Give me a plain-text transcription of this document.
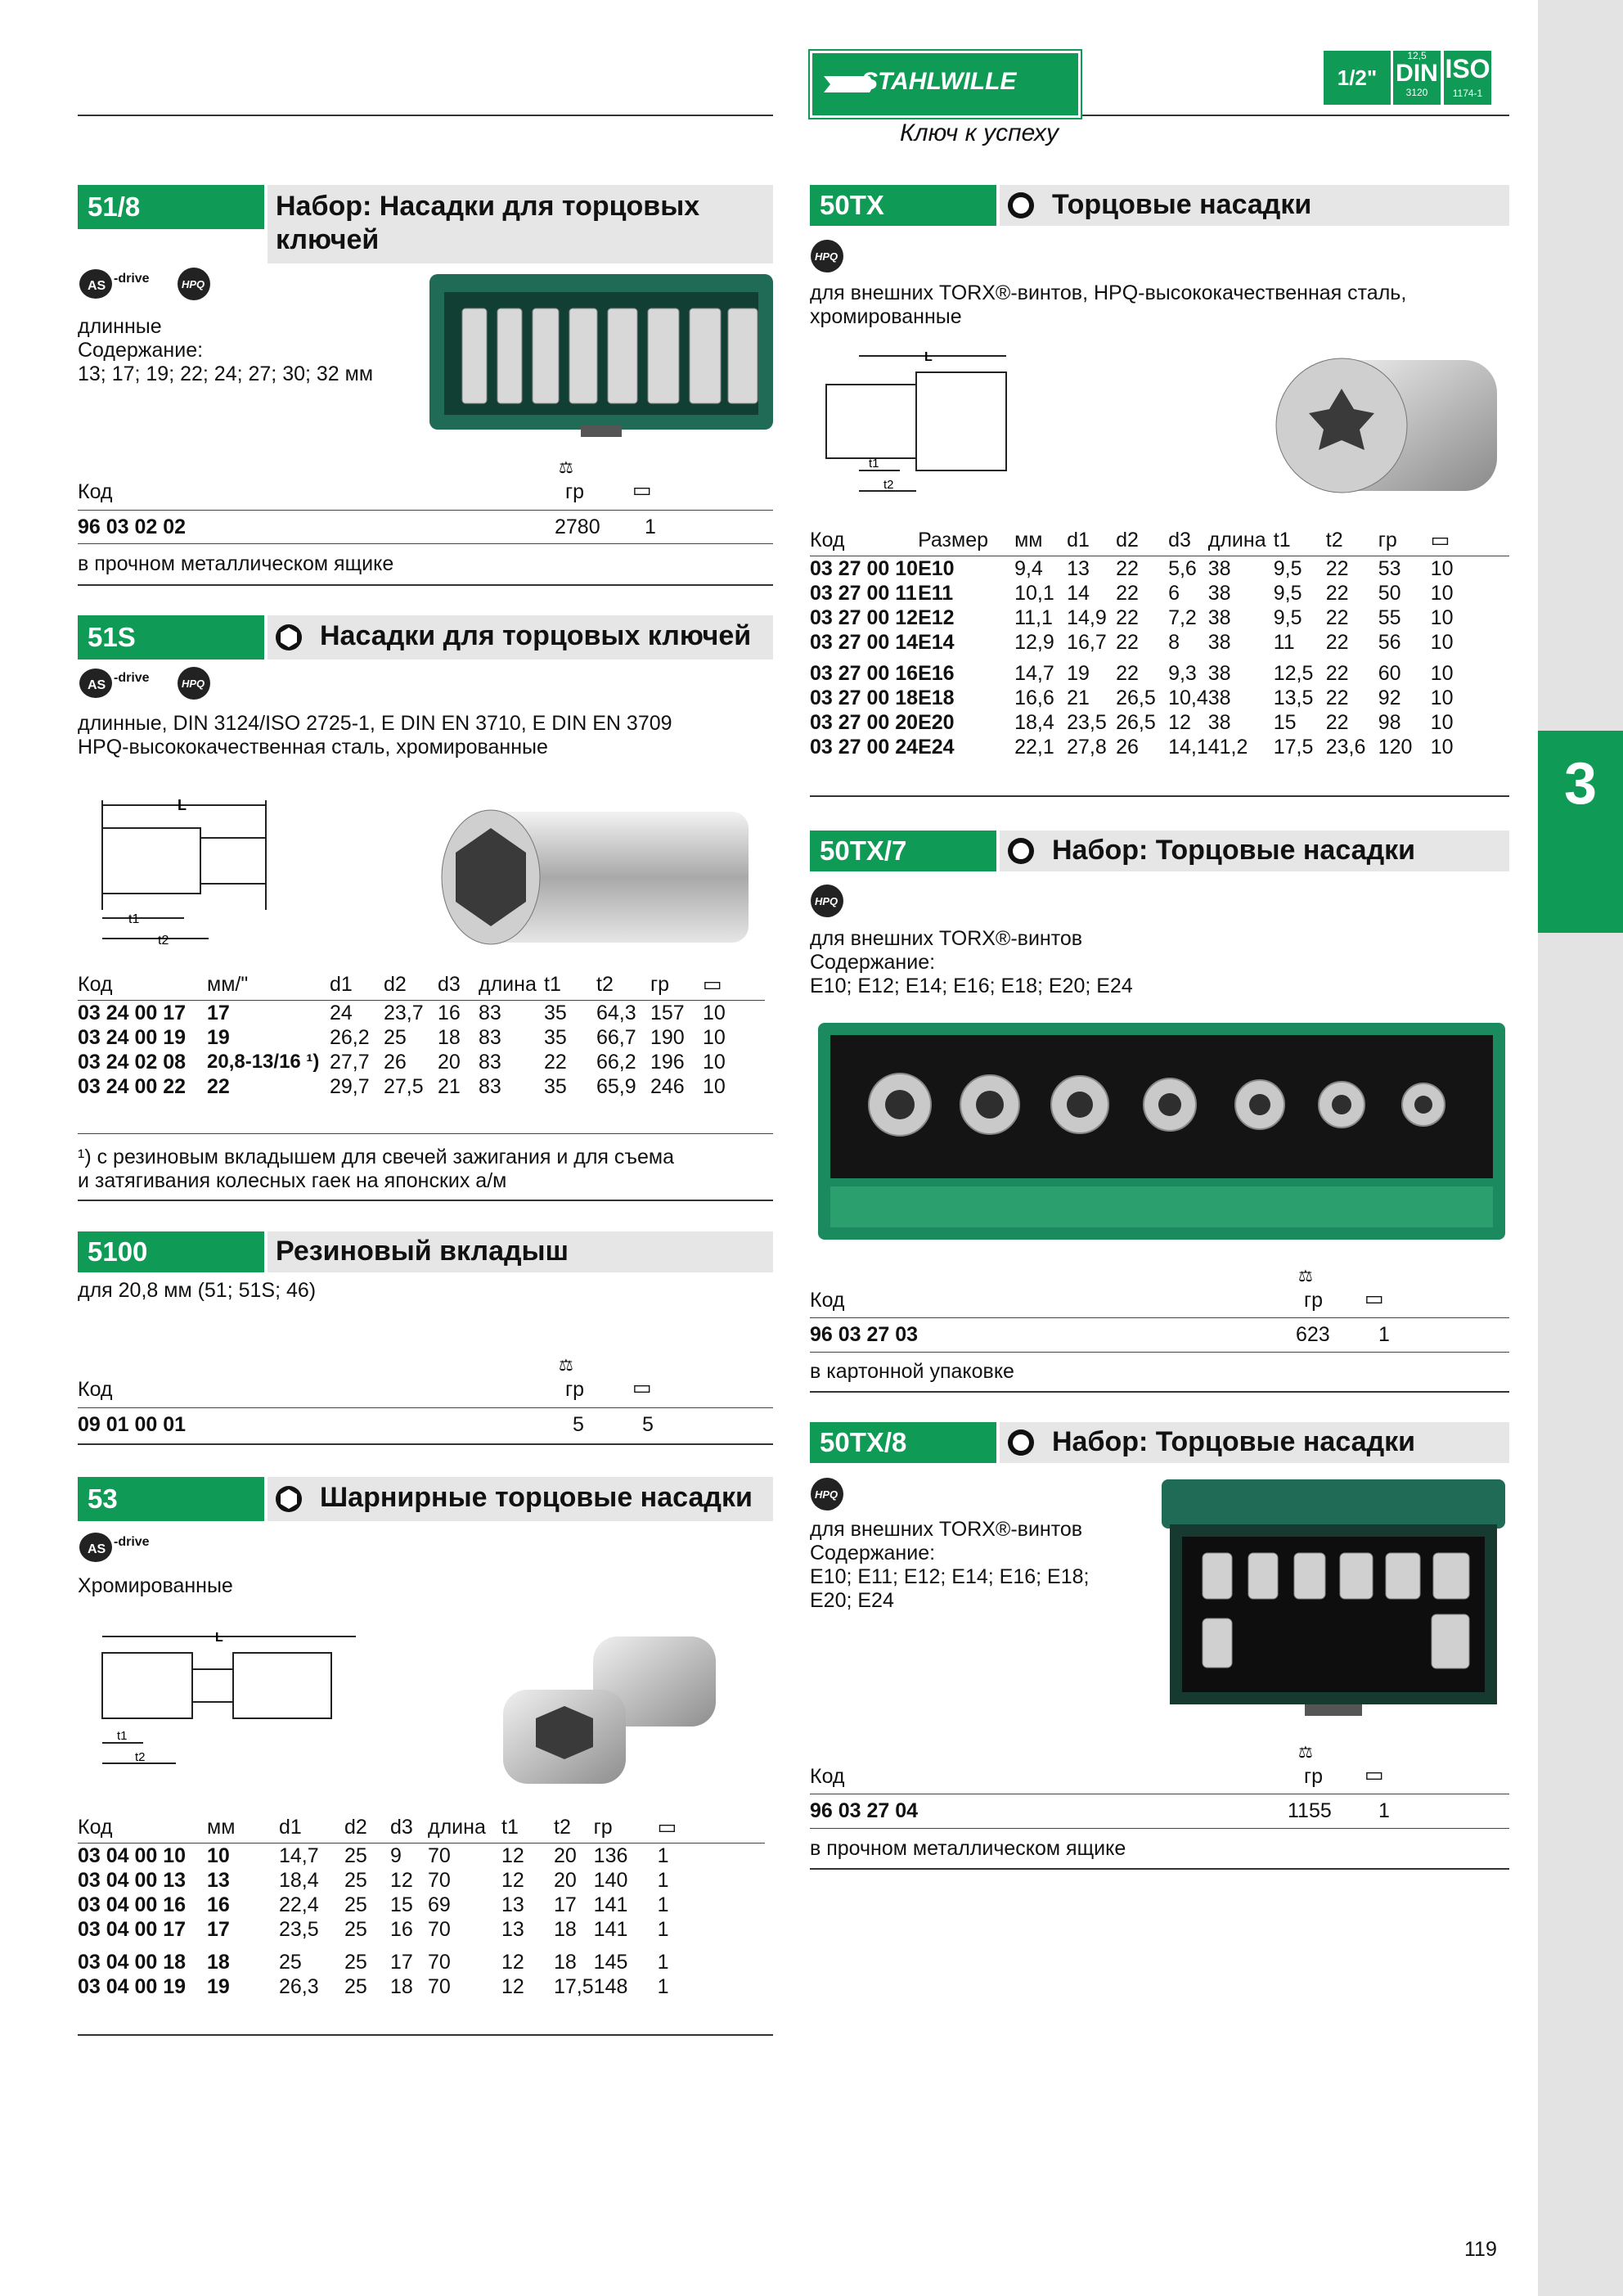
3
STAHLWILLE
Ключ к успеху
1/2"
12,5
DIN
3120
ISO
1174-1
51/8	Набор: Насадки для торцовых ключей
AS
-drive	HPQ
длинные
Содержание:
13; 17; 19; 22; 24; 27; 30; 32 мм
⚖
Код	гр ▭
96 03 02 02	2780 1
в прочном металлическом ящике
51S	Насадки для торцовых ключей
AS
-drive	HPQ
длинные, DIN 3124/ISO 2725-1, E DIN EN 3710, E DIN EN 3709
HPQ-высококачественная сталь, хромированные
L
t1
t2
Код	мм/"	d1	d2	d3	длина	t1	t2	гр	▭

03 24 00 17	17	24	23,7	16	83	35	64,3	157	10
03 24 00 19	19	26,2	25	18	83	35	66,7	190	10
03 24 02 08	20,8-13/16 ¹)	27,7	26	20	83	22	66,2	196	10
03 24 00 22	22	29,7	27,5	21	83	35	65,9	246	10
¹) с резиновым вкладышем для свечей зажигания и для съема
и затягивания колесных гаек на японских а/м
5100	Резиновый вкладыш
для 20,8 мм (51; 51S; 46)
⚖
Код	гр ▭
09 01 00 01	5	5
53	Шарнирные торцовые насадки
AS
-drive
Хромированные
L
t1
t2
Код	мм	d1	d2	d3	длина	t1	t2	гр	▭

03 04 00 10	10	14,7	25	9	70	12	20	136	1
03 04 00 13	13	18,4	25	12	70	12	20	140	1
03 04 00 16	16	22,4	25	15	69	13	17	141	1
03 04 00 17	17	23,5	25	16	70	13	18	141	1

03 04 00 18	18	25	25	17	70	12	18	145	1
03 04 00 19	19	26,3	25	18	70	12	17,5	148	1
50TX	Торцовые насадки
HPQ
для внешних TORX®-винтов, HPQ-высококачественная сталь,
хромированные
L
t1
t2
Код	Размер	мм	d1	d2	d3	длина	t1	t2	гр	▭

03 27 00 10	E10	9,4	13	22	5,6	38	9,5	22	53	10
03 27 00 11	E11	10,1	14	22	6	38	9,5	22	50	10
03 27 00 12	E12	11,1	14,9	22	7,2	38	9,5	22	55	10
03 27 00 14	E14	12,9	16,7	22	8	38	11	22	56	10

03 27 00 16	E16	14,7	19	22	9,3	38	12,5	22	60	10
03 27 00 18	E18	16,6	21	26,5	10,4	38	13,5	22	92	10
03 27 00 20	E20	18,4	23,5	26,5	12	38	15	22	98	10
03 27 00 24	E24	22,1	27,8	26	14,1	41,2	17,5	23,6	120	10
50TX/7	Набор: Торцовые насадки
HPQ
для внешних TORX®-винтов
Содержание:
E10; E12; E14; E16; E18; E20; E24
⚖
Код	гр ▭
96 03 27 03	623 1
в картонной упаковке
50TX/8	Набор: Торцовые насадки
HPQ
для внешних TORX®-винтов
Содержание:
E10; E11; E12; E14; E16; E18;
E20; E24
⚖
Код	гр ▭
96 03 27 04	1155 1
в прочном металлическом ящике
119
